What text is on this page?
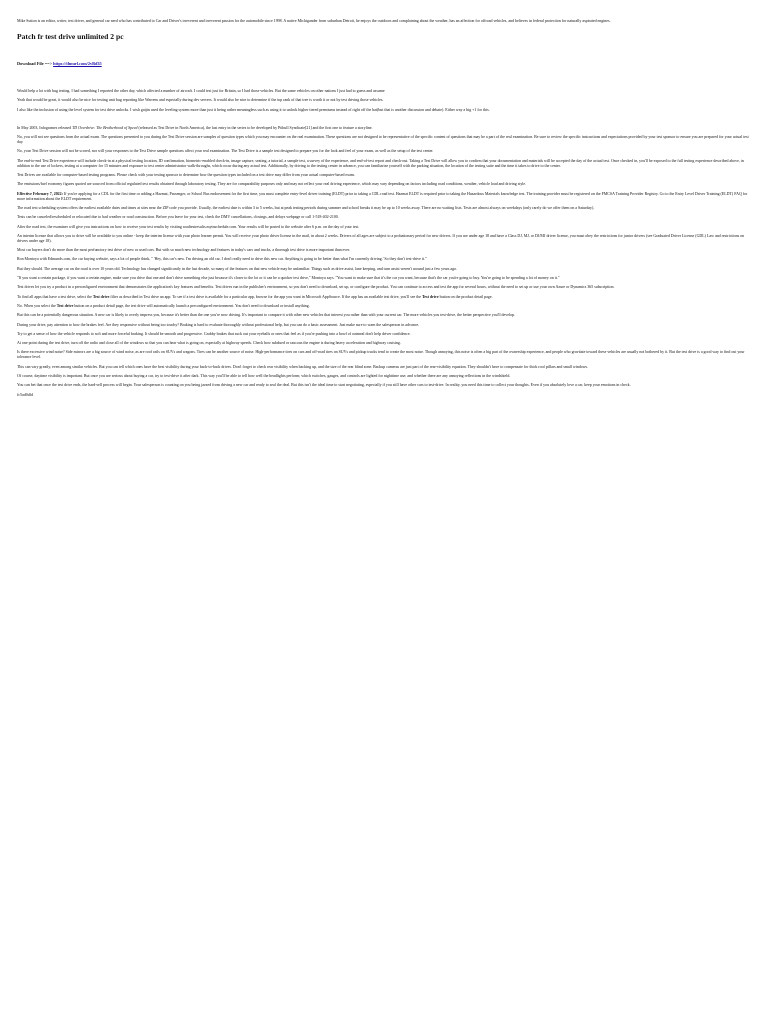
Mike Sutton is an editor, writer, test driver, and general car nerd who has contributed to Car and Driver's irreverent and irreverent passion for the automobile since 1998. A native Michigander from suburban Detroit, he enjoys the outdoors and complaining about the weather, has an affection for offroad vehicles, and believes in federal protection for naturally aspirated engines.

Patch fr test drive unlimited 2 pc

Download File ==> https://tlmurl.com/2vBd35

Would help a lot with bug testing. I had something I reported the other day, which affected a number of aircraft. I could test just for Britain, so I had those vehicles. But the same vehicles on other nations I just had to guess and assume

Yeah that would be great, it would also be nice for testing unit bug reporting like Warrens and especially during dev servers. It would also be nice to determine if the top rank of that tree is worth it or not by test driving those vehicles.

I also like the inclusion of using the level system for test drive unlocks. I wish gaijin used the leveling system more than just it being rather meaningless such as using it to unlock higher tiered premiums instead of right off the bat(but that is another discussion and debate). Either way a big +1 for this.

In May 2003, Infogrames released TD Overdrive: The Brotherhood of Speed (released as Test Drive in North America), the last entry in the series to be developed by Pitbull Syndicate[21] and the first one to feature a storyline.

No, you will not see questions from the actual exam. The questions presented to you during the Test Drive session are samples of question types which you may encounter on the real examination. These questions are not designed to be representative of the specific content of questions that may be a part of the real examination. Be sure to review the specific instructions and expectations provided by your test sponsor to ensure you are prepared for your actual test day.

No, your Test Drive session will not be scored, nor will your responses to the Test Drive sample questions affect your real examination. The Test Drive is a sample test designed to prepare you for the look and feel of your exam, as well as the setup of the test center.

The end-to-end Test Drive experience will include check-in at a physical testing location, ID confirmation, biometric-enabled check-in, image capture, seating, a tutorial, a sample test, a survey of the experience, and end-of-test report and check-out. Taking a Test Drive will allow you to confirm that your documentation and materials will be accepted the day of the actual test. Once checked in, you'll be exposed to the full testing experience described above, in addition to the use of lockers, testing at a computer for 15 minutes and exposure to test center administrator walk-throughs, which occur during any actual test. Additionally, by driving to the testing center in advance, you can familiarize yourself with the parking situation, the location of the testing suite and the time it takes to drive to the center.

Test Drives are available for computer-based testing programs. Please check with your testing sponsor to determine how the question types included on a test drive may differ from your actual computer-based exam.

The emissions/fuel economy figures quoted are sourced from official regulated test results obtained through laboratory testing. They are for comparability purposes only and may not reflect your real driving experience, which may vary depending on factors including road conditions, weather, vehicle load and driving style.

Effective February 7, 2022: If you're applying for a CDL for the first time or adding a Hazmat, Passenger, or School Bus endorsement for the first time, you must complete entry-level driver training (ELDT) prior to taking a CDL road test. Hazmat ELDT is required prior to taking the Hazardous Materials knowledge test. The training provider must be registered on the FMCSA Training Provider Registry. Go to the Entry Level Driver Training (ELDT) FAQ for more information about the ELDT requirement.

The road test scheduling system offers the earliest available dates and times at sites near the ZIP code you provide. Usually, the earliest date is within 3 to 5 weeks, but at peak testing periods during summer and school breaks it may be up to 10 weeks away. There are no waiting lists. Tests are almost always on weekdays (only rarely do we offer them on a Saturday).

Tests can be canceled/rescheduled or relocated due to bad weather or road construction. Before you leave for your test, check the DMV cancellations, closings, and delays webpage or call 1-518-402-2100.

After the road test, the examiner will give you instructions on how to receive your test results by visiting roadtestresults.mytnschedule.com. Your results will be posted to the website after 6 p.m. on the day of your test.

An interim license that allows you to drive will be available to you online - keep the interim license with your photo learner permit. You will receive your photo driver license in the mail, in about 2 weeks. Drivers of all ages are subject to a probationary period for new drivers. If you are under age 18 and have a Class DJ, MJ, or DJ/MJ driver license, you must obey the restrictions for junior drivers (see Graduated Driver License (GDL) Law and restrictions on drivers under age 18).

Most car buyers don't do more than the most perfunctory test drive of new or used cars. But with so much new technology and features in today's cars and trucks, a thorough test drive is more important than ever.

Ron Montoya with Edmunds.com, the car buying website, says a lot of people think, " 'Hey, this car's new. I'm driving an old car. I don't really need to drive this new car. Anything is going to be better than what I'm currently driving.' So they don't test-drive it."

But they should. The average car on the road is over 10 years old. Technology has changed significantly in the last decade, so many of the features on that new vehicle may be unfamiliar. Things such as drive assist, lane keeping, and turn assist weren't around just a few years ago.

"If you want a certain package, if you want a certain engine, make sure you drive that one and don't drive something else just because it's closer to the lot or it can be a quicker test drive," Montoya says. "You want to make sure that it's the car you want, because that's the car you're going to buy. You're going to be spending a lot of money on it."

Test drives let you try a product in a preconfigured environment that demonstrates the application's key features and benefits. Test drives run in the publisher's environment, so you don't need to download, set up, or configure the product. You can continue to access and test the app for several hours, without the need to set up or use your own Azure or Dynamics 365 subscription.

To find all apps that have a test drive, select the Test drive filter as described in Test drive an app. To see if a test drive is available for a particular app, browse for the app you want in Microsoft AppSource. If the app has an available test drive, you'll see the Test drive button on the product detail page.

No. When you select the Test drive button on a product detail page, the test drive will automatically launch a preconfigured environment. You don't need to download or install anything.

But this can be a potentially dangerous situation. A new car is likely to overly impress you, because it's better than the one you're now driving. It's important to compare it with other new vehicles that interest you rather than with your current car. The more vehicles you test-drive, the better perspective you'll develop.

During your drive, pay attention to how the brakes feel. Are they responsive without being too touchy? Braking is hard to evaluate thoroughly without professional help, but you can do a basic assessment. Just make sure to warn the salesperson in advance.

Try to get a sense of how the vehicle responds to soft and more forceful braking. It should be smooth and progressive. Grabby brakes that suck out your eyeballs or ones that feel as if you're pushing into a bowl of oatmeal don't help driver confidence.

At one point during the test drive, turn off the radio and close all of the windows so that you can hear what is going on, especially at highway speeds. Check how subdued or raucous the engine is during heavy acceleration and highway cruising.

Is there excessive wind noise? Side mirrors are a big source of wind noise, as are roof rails on SUVs and wagons. Tires can be another source of noise. High-performance tires on cars and off-road tires on SUVs and pickup trucks tend to create the most noise. Though annoying, this noise is often a big part of the ownership experience, and people who gravitate toward these vehicles are usually not bothered by it. But the test drive is a good way to find out your tolerance level.

This can vary greatly, even among similar vehicles. But you can tell which ones have the best visibility during your back-to-back drives. Don't forget to check rear visibility when backing up, and the size of the rear blind zone. Backup cameras are just part of the rear-visibility equation. They shouldn't have to compensate for thick roof pillars and small windows.

Of course, daytime visibility is important. But once you are serious about buying a car, try to test-drive it after dark. This way you'll be able to tell how well the headlights perform; which switches, gauges, and controls are lighted for nighttime use; and whether there are any annoying reflections in the windshield.

You can bet that once the test drive ends, the hard-sell process will begin. Your salesperson is counting on you being jazzed from driving a new car and ready to seal the deal. But this isn't the ideal time to start negotiating, especially if you still have other cars to test-drive. In reality, you need this time to collect your thoughts. Even if you absolutely love a car, keep your emotions in check.

fc5ad0dfd
